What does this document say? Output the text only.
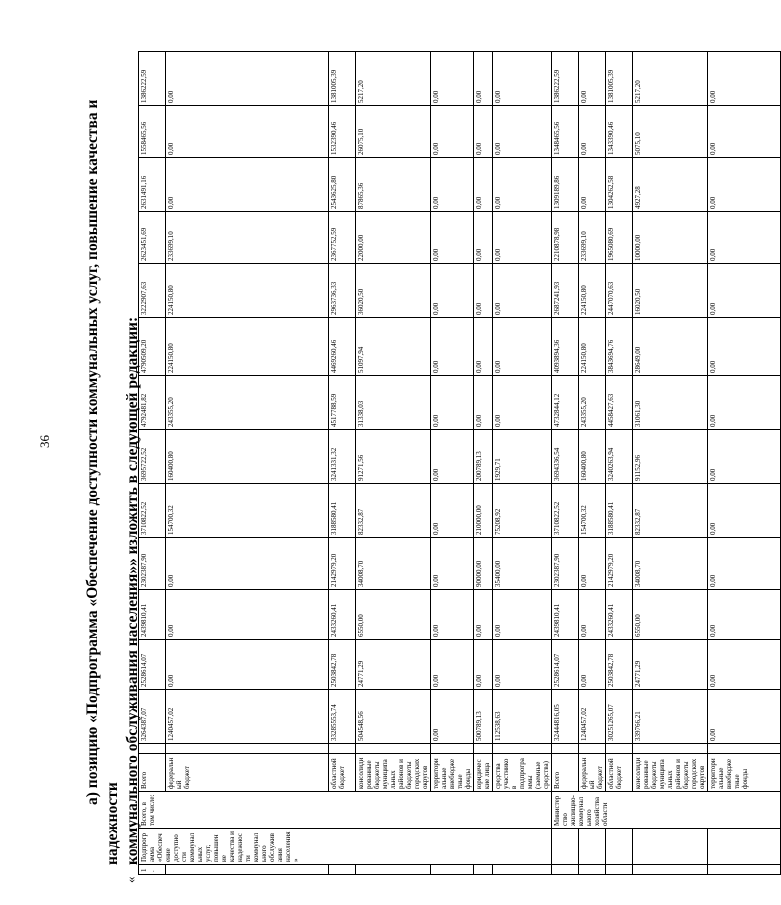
36 а) позицию «Подпрограмма «Обеспечение доступности коммунальных услуг, повышение качества и надежности коммунального обслуживания населения»» изложить в следующей редакции:
«
1.	Подпрограмма «Обеспечение доступности коммунальных услуг, повышение качества и надежности коммунального обслуживания населения»	Всего, в том числе:	Всего		3264387,07	2528614,07	2439810,41	2302387,90	3710822,52	3695722,52	4792481,82	4790509,20	3222907,63	2623451,69	2631491,16	1558465,56	1386222,59
			федеральный бюджет		1240457,02	0,00	0,00	0,00	154700,32	160400,80	243355,20	224150,80	224150,80	233699,10	0,00	0,00	0,00
			областной бюджет		33285553,74	2503842,78	2433260,41	2142979,20	3188580,41	3241331,32	4517788,59	4469260,46	2963736,33	2367752,59	2543625,80	1532390,46	1381005,39
			консолидированные бюджеты муниципальных районов и бюджеты городских округов		504548,56	24771,29	6550,00	34008,70	82332,87	91271,56	31338,03	51097,94	36020,50	22000,00	87865,36	26075,10	5217,20
			территориальные внебюджетные фонды		0,00	0,00	0,00	0,00	0,00	0,00	0,00	0,00	0,00	0,00	0,00	0,00	0,00
			юридические лица		500789,13	0,00	0,00	90000,00	210000,00	200789,13	0,00	0,00	0,00	0,00	0,00	0,00	0,00
			средства участников подпрограммы (заемные средства)		112538,63	0,00	0,00	35400,00	75208,92	1929,71	0,00	0,00	0,00	0,00	0,00	0,00	0,00
		Министерство жилищно-коммунального хозяйства области	Всего		32444816,05	2528614,07	2439810,41	2302387,90	3710822,52	3694336,54	4732844,12	4093894,36	2687241,93	2210878,98	1309189,86	1348465,56	1386222,59
			федеральный бюджет		1240457,02	0,00	0,00	0,00	154700,32	160400,80	243355,20	224150,80	224150,80	233699,10	0,00	0,00	0,00
			областной бюджет		30251265,07	2503842,78	2433260,41	2142979,20	3188580,41	3240263,94	4458427,63	3843694,76	2447070,63	1965080,69	1304262,58	1343390,46	1381005,39
			консолидированные бюджеты муниципальных районов и бюджеты городских округов		339766,21	24771,29	6550,00	34008,70	82332,87	91152,96	31061,30	28649,00	16020,50	10000,00	4927,28	5075,10	5217,20
			территориальные внебюджетные фонды		0,00	0,00	0,00	0,00	0,00	0,00	0,00	0,00	0,00	0,00	0,00	0,00	0,00
